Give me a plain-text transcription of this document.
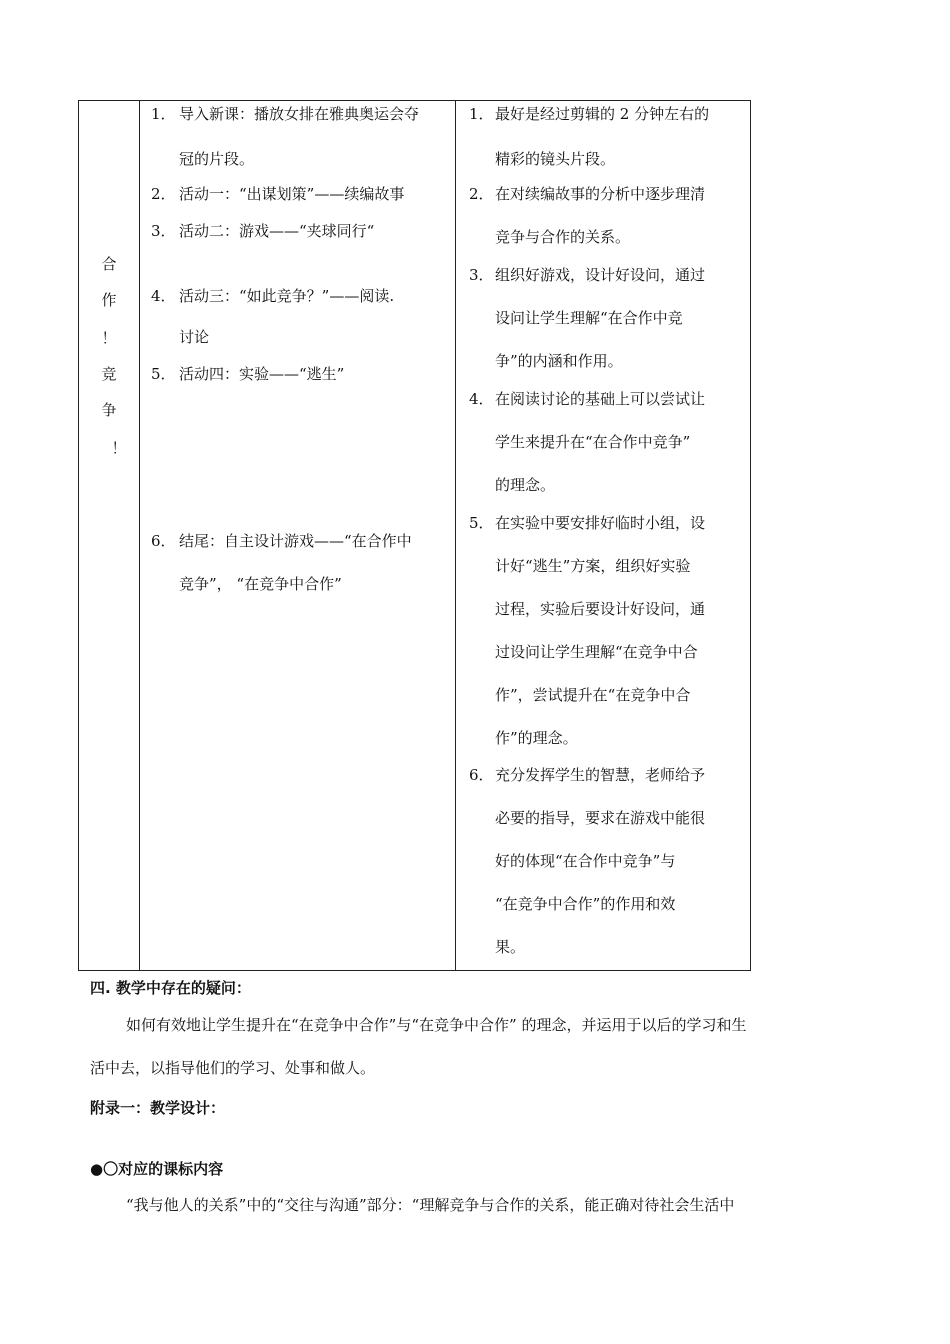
合
作
！
竞
争
！
1． 导入新课：播放女排在雅典奥运会夺
冠的片段。
2． 活动一：“出谋划策”——续编故事
3． 活动二：游戏——“夹球同行“
4． 活动三：“如此竞争？”——阅读.
讨论
5． 活动四：实验——“逃生”
6． 结尾：自主设计游戏——“在合作中
竞争”， “在竞争中合作”
1． 最好是经过剪辑的 2 分钟左右的
精彩的镜头片段。
2． 在对续编故事的分析中逐步理清
竞争与合作的关系。
3． 组织好游戏，设计好设问，通过
设问让学生理解“在合作中竞
争”的内涵和作用。
4． 在阅读讨论的基础上可以尝试让
学生来提升在“在合作中竞争”
的理念。
5． 在实验中要安排好临时小组，设
计好“逃生”方案，组织好实验
过程，实验后要设计好设问，通
过设问让学生理解“在竞争中合
作”，尝试提升在“在竞争中合
作”的理念。
6． 充分发挥学生的智慧，老师给予
必要的指导，要求在游戏中能很
好的体现“在合作中竞争”与
“在竞争中合作”的作用和效
果。
四. 教学中存在的疑问：
如何有效地让学生提升在“在竞争中合作”与“在竞争中合作” 的理念，并运用于以后的学习和生
活中去，以指导他们的学习、处事和做人。
附录一：教学设计：
●〇对应的课标内容
“我与他人的关系”中的“交往与沟通”部分：“理解竞争与合作的关系，能正确对待社会生活中
